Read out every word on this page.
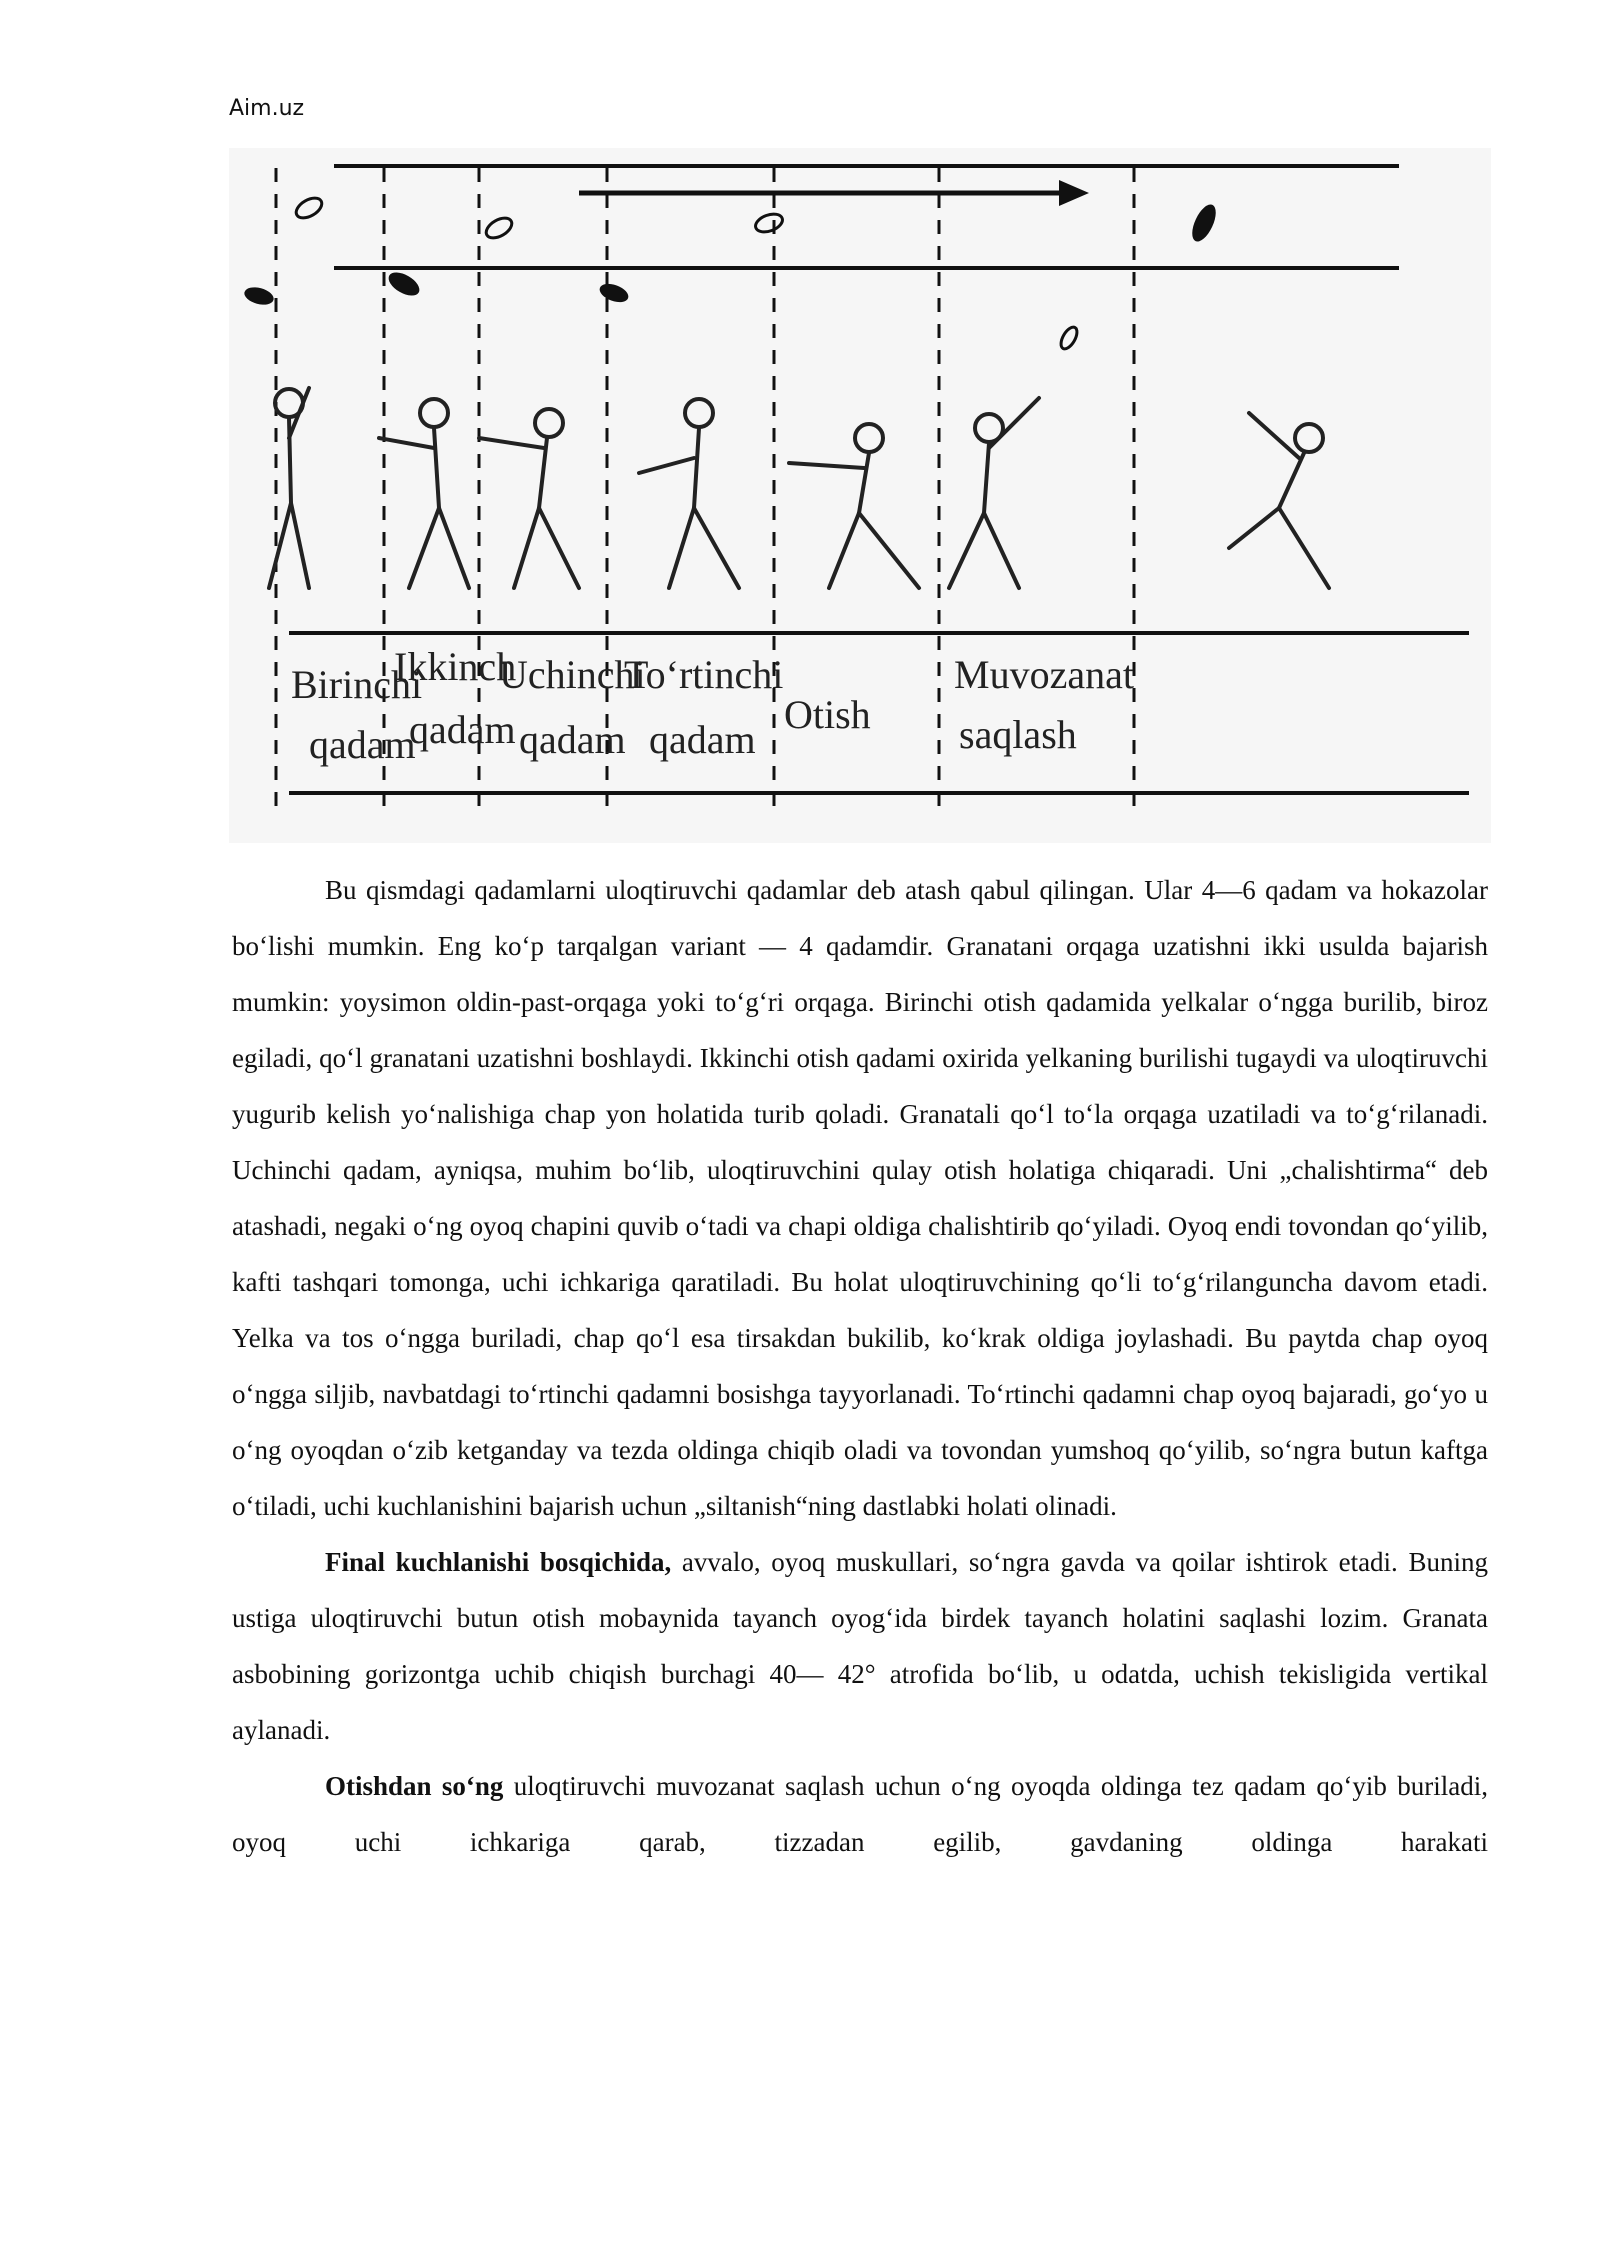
Aim.uz
Birinchi
qadam
Ikkinch
qadam
Uchinchi
qadam
To‘rtinchi
qadam
Otish
Muvozanat
saqlash

Bu qismdagi qadamlarni uloqtiruvchi qadamlar deb atash qabul qilingan. Ular 4—6 qadam va hokazolar bo‘lishi mumkin. Eng ko‘p tarqalgan variant — 4 qadamdir. Granatani orqaga uzatishni ikki usulda bajarish mumkin: yoysimon oldin-past-orqaga yoki to‘g‘ri orqaga. Birinchi otish qadamida yelkalar o‘ngga burilib, biroz egiladi, qo‘l granatani uzatishni boshlaydi. Ikkinchi otish qadami oxirida yelkaning burilishi tugaydi va uloqtiruvchi yugurib kelish yo‘nalishiga chap yon holatida turib qoladi. Granatali qo‘l to‘la orqaga uzatiladi va to‘g‘rilanadi. Uchinchi qadam, ayniqsa, muhim bo‘lib, uloqtiruvchini qulay otish holatiga chiqaradi. Uni „chalishtirma“ deb atashadi, negaki o‘ng oyoq chapini quvib o‘tadi va chapi oldiga chalishtirib qo‘yiladi. Oyoq endi tovondan qo‘yilib, kafti tashqari tomonga, uchi ichkariga qaratiladi. Bu holat uloqtiruvchining qo‘li to‘g‘rilanguncha davom etadi. Yelka va tos o‘ngga buriladi, chap qo‘l esa tirsakdan bukilib, ko‘krak oldiga joylashadi. Bu paytda chap oyoq o‘ngga siljib, navbatdagi to‘rtinchi qadamni bosishga tayyorlanadi. To‘rtinchi qadamni chap oyoq bajaradi, go‘yo u o‘ng oyoqdan o‘zib ketganday va tezda oldinga chiqib oladi va tovondan yumshoq qo‘yilib, so‘ngra butun kaftga o‘tiladi, uchi kuchlanishini bajarish uchun „siltanish“ning dastlabki holati olinadi.

Final kuchlanishi bosqichida, avvalo, oyoq muskullari, so‘ngra gavda va qoilar ishtirok etadi. Buning ustiga uloqtiruvchi butun otish mobaynida tayanch oyog‘ida birdek tayanch holatini saqlashi lozim. Granata asbobining gorizontga uchib chiqish burchagi 40— 42° atrofida bo‘lib, u odatda, uchish tekisligida vertikal aylanadi.

Otishdan so‘ng uloqtiruvchi muvozanat saqlash uchun o‘ng oyoqda oldinga tez qadam qo‘yib buriladi, oyoq uchi ichkariga qarab, tizzadan egilib, gavdaning oldinga harakati
